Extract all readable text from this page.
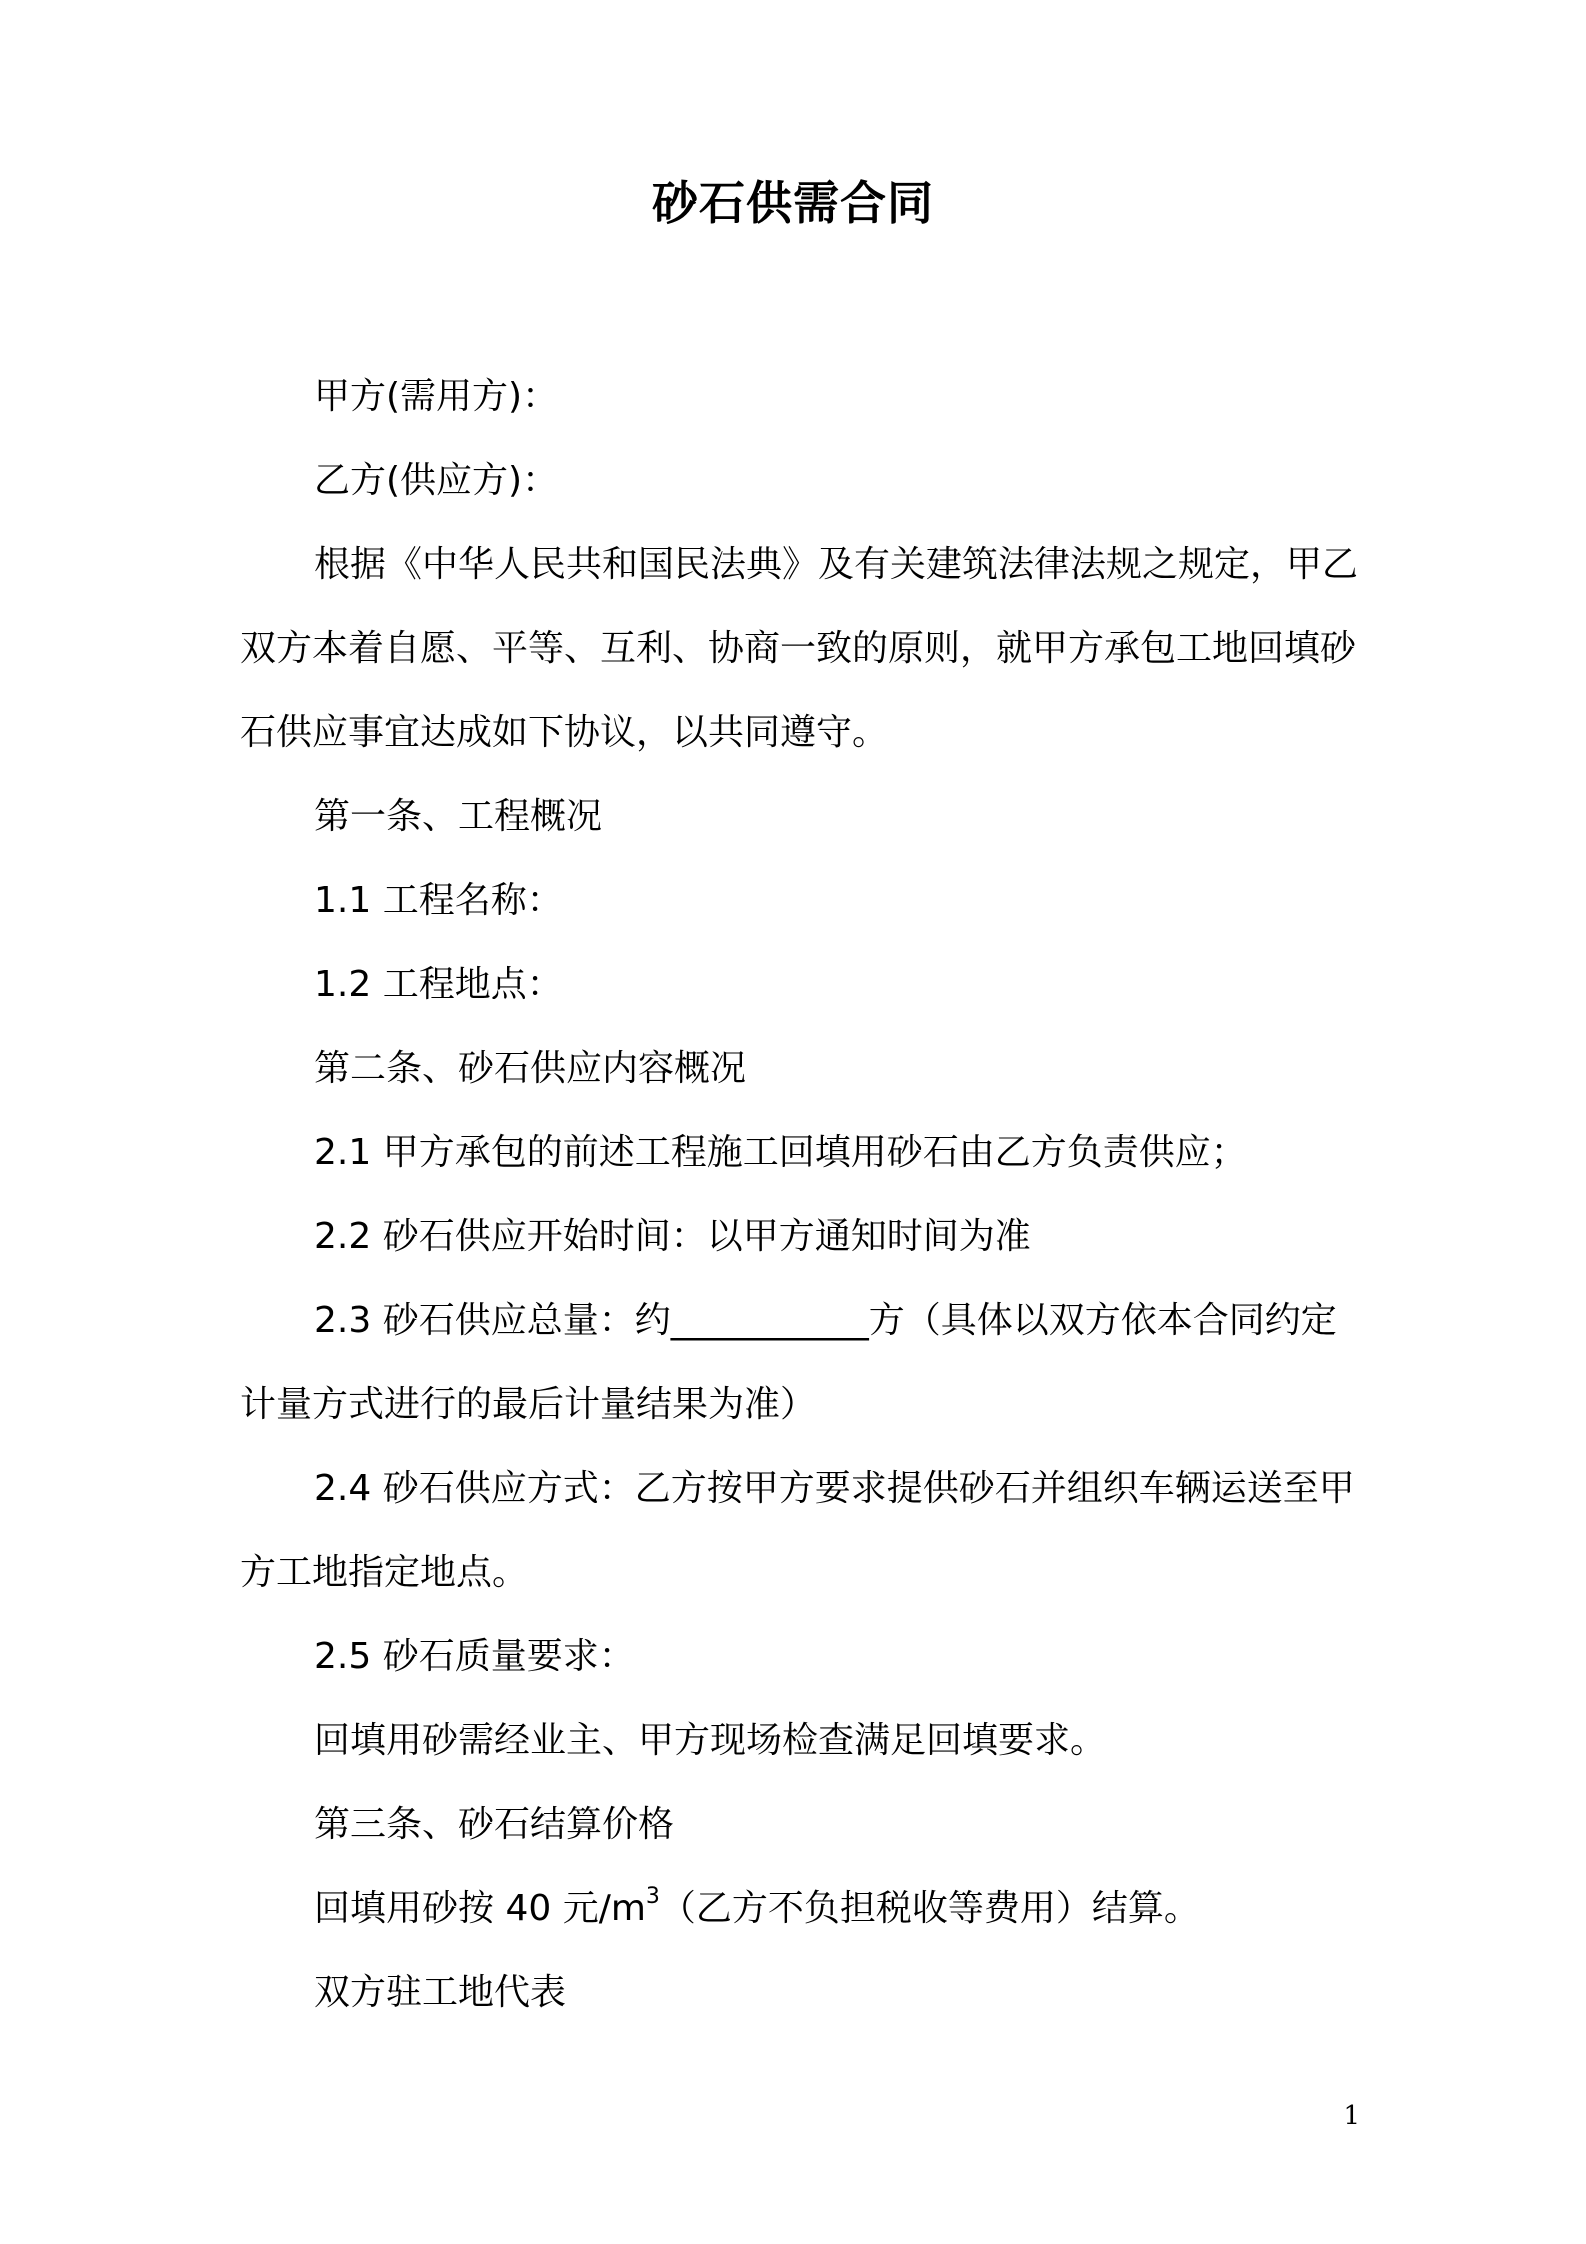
砂石供需合同

甲方(需用方)：

乙方(供应方)：

根据《中华人民共和国民法典》及有关建筑法律法规之规定，甲乙双方本着自愿、平等、互利、协商一致的原则，就甲方承包工地回填砂石供应事宜达成如下协议，以共同遵守。

第一条、工程概况

1.1 工程名称：

1.2 工程地点：

第二条、砂石供应内容概况

2.1 甲方承包的前述工程施工回填用砂石由乙方负责供应；

2.2 砂石供应开始时间：以甲方通知时间为准

2.3 砂石供应总量：约___________方（具体以双方依本合同约定计量方式进行的最后计量结果为准）

2.4 砂石供应方式：乙方按甲方要求提供砂石并组织车辆运送至甲方工地指定地点。

2.5 砂石质量要求：

回填用砂需经业主、甲方现场检查满足回填要求。

第三条、砂石结算价格

回填用砂按 40 元$/m^3$（乙方不负担税收等费用）结算。

双方驻工地代表

1
